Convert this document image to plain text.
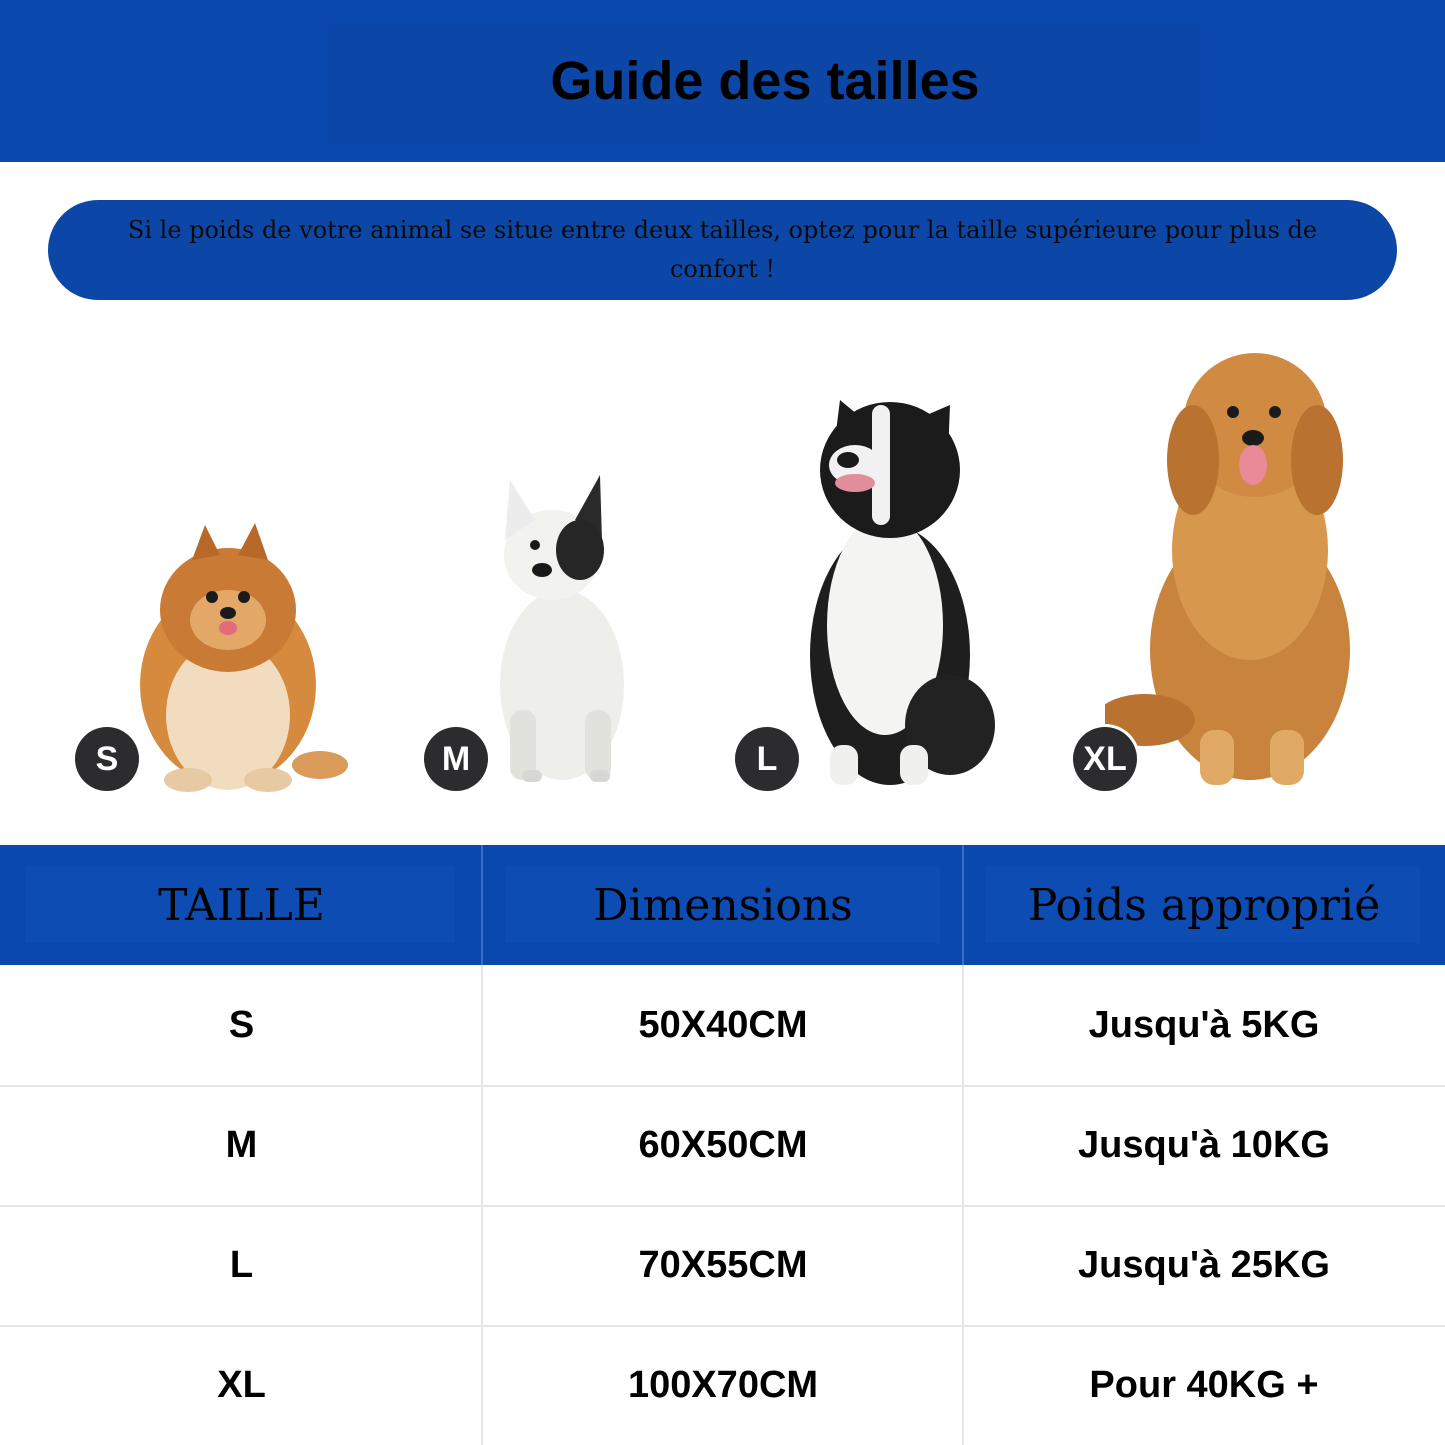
Guide des tailles
Si le poids de votre animal se situe entre deux tailles, optez pour la taille supérieure pour plus de confort !
S	M	L	XL
TAILLE	Dimensions	Poids approprié
S	50X40CM	Jusqu'à 5KG
M	60X50CM	Jusqu'à 10KG
L	70X55CM	Jusqu'à 25KG
XL	100X70CM	Pour 40KG +
